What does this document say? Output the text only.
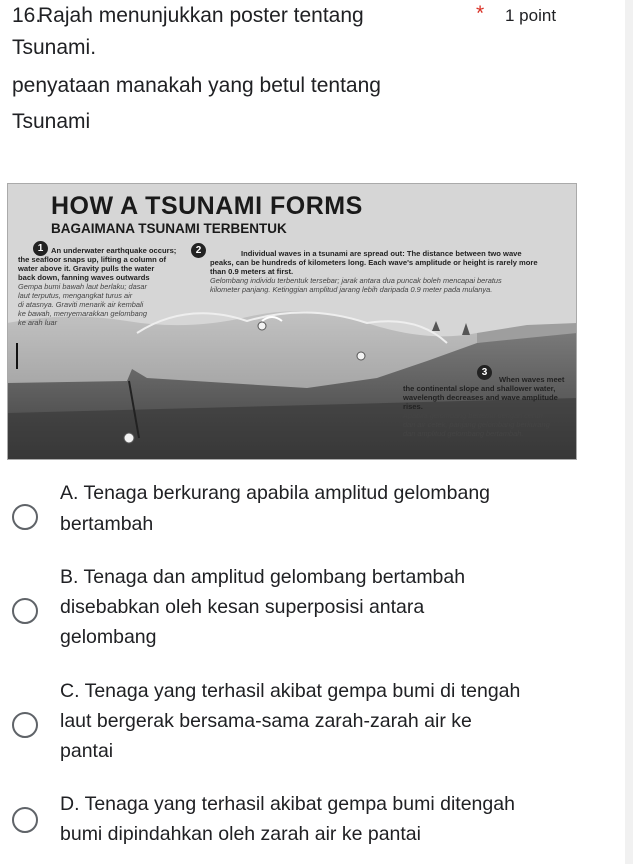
16.
Rajah menunjukkan poster tentang	* 1 point
Tsunami.
penyataan manakah yang betul tentang
Tsunami
HOW A TSUNAMI FORMS
BAGAIMANA TSUNAMI TERBENTUK
1	An underwater earthquake occurs;
the seafloor snaps up, lifting a column of
water above it. Gravity pulls the water
back down, fanning waves outwards
Gempa bumi bawah laut berlaku; dasar
laut terputus, mengangkat turus air
di atasnya. Graviti menarik air kembali
ke bawah, menyemarakkan gelombang
ke arah luar
2	Individual waves in a tsunami are spread out: The distance between two wave
peaks, can be hundreds of kilometers long. Each wave's amplitude or height is rarely more
than 0.9 meters at first.
Gelombang individu terbentuk tersebar; jarak antara dua puncak boleh mencapai beratus
kilometer panjang. Ketinggian amplitud jarang lebih daripada 0.9 meter pada mulanya.
3
When waves meet
the continental slope and shallower water,
wavelength decreases and wave amplitude
rises.
Apabila gelombang bertemu dengan cerun
dan air cetek, panjang gelombang berkurang
dan amplitud gelombang bertambah.
A. Tenaga berkurang apabila amplitud gelombang
bertambah
B. Tenaga dan amplitud gelombang bertambah
disebabkan oleh kesan superposisi antara
gelombang
C. Tenaga yang terhasil akibat gempa bumi di tengah
laut bergerak bersama-sama zarah-zarah air ke
pantai
D. Tenaga yang terhasil akibat gempa bumi ditengah
bumi dipindahkan oleh zarah air ke pantai
